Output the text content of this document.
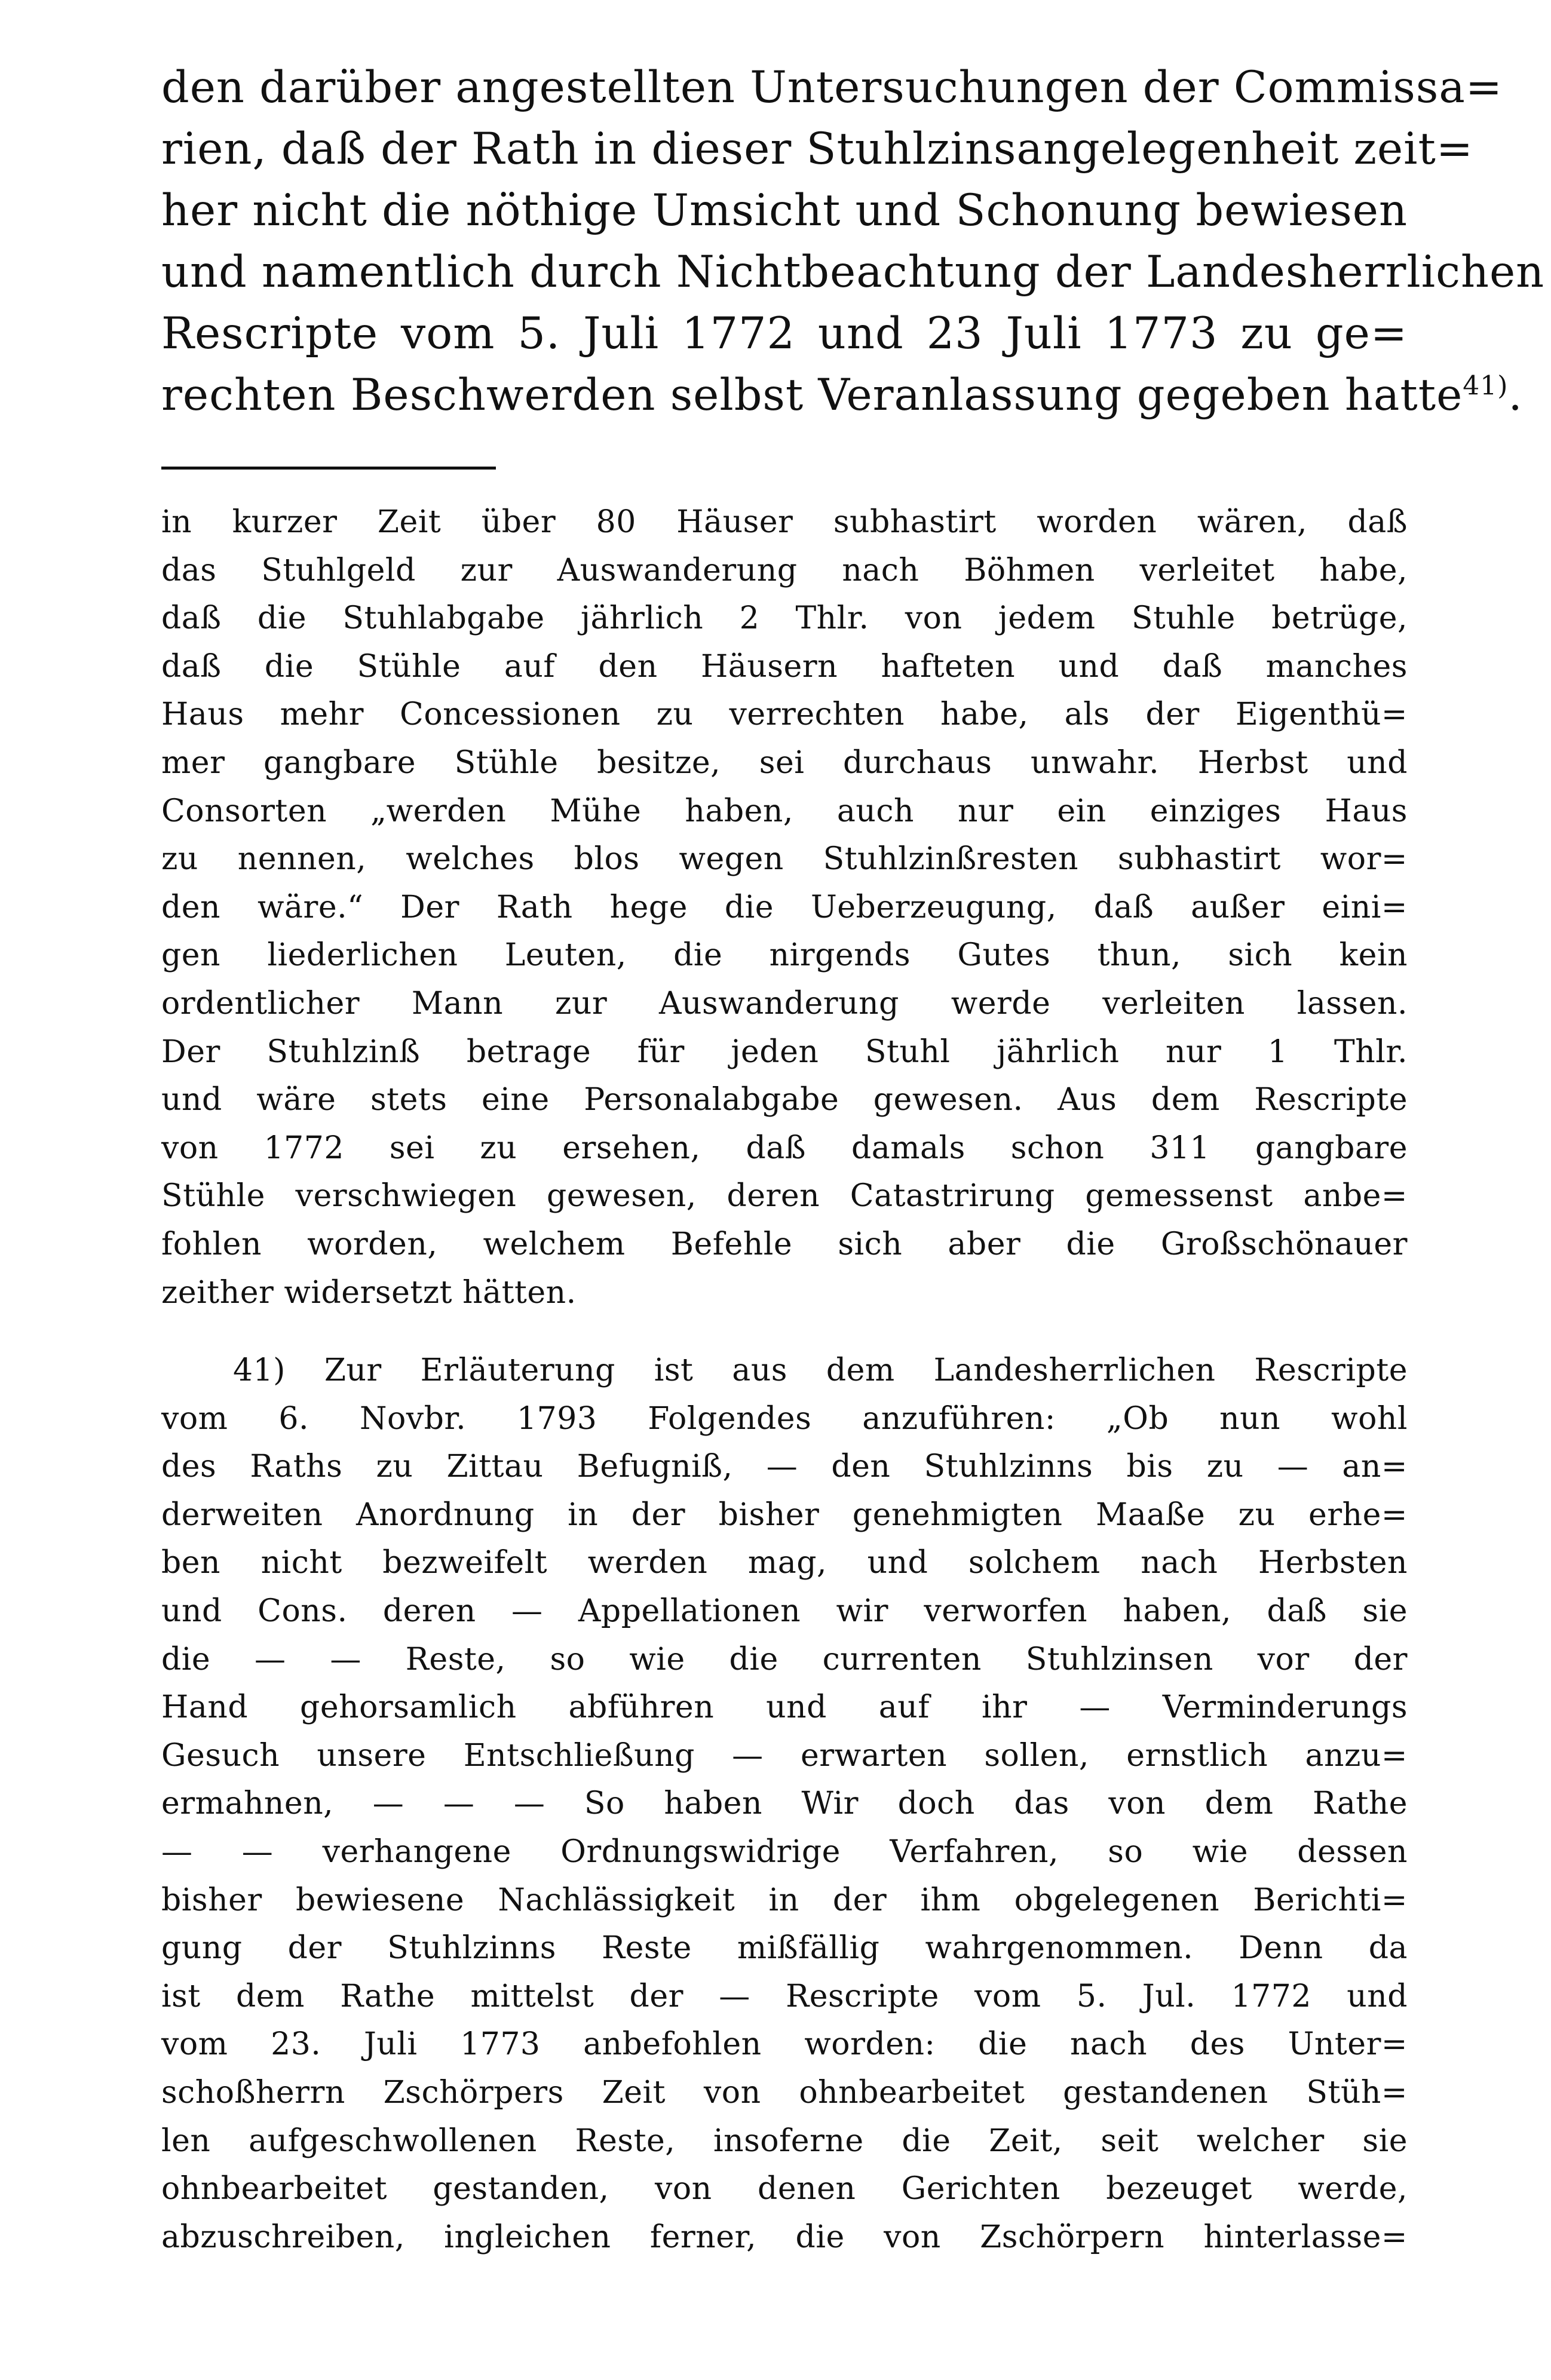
den darüber angestellten Untersuchungen der Commissa=
rien, daß der Rath in dieser Stuhlzinsangelegenheit zeit=
her nicht die nöthige Umsicht und Schonung bewiesen
und namentlich durch Nichtbeachtung der Landesherrlichen
Rescripte vom 5. Juli 1772 und 23 Juli 1773 zu ge=
rechten Beschwerden selbst Veranlassung gegeben hatte$^{41)}$.
in kurzer Zeit über 80 Häuser subhastirt worden wären, daß
das Stuhlgeld zur Auswanderung nach Böhmen verleitet habe,
daß die Stuhlabgabe jährlich 2 Thlr. von jedem Stuhle betrüge,
daß die Stühle auf den Häusern hafteten und daß manches
Haus mehr Concessionen zu verrechten habe, als der Eigenthü=
mer gangbare Stühle besitze, sei durchaus unwahr. Herbst und
Consorten „werden Mühe haben, auch nur ein einziges Haus
zu nennen, welches blos wegen Stuhlzinßresten subhastirt wor=
den wäre.“ Der Rath hege die Ueberzeugung, daß außer eini=
gen liederlichen Leuten, die nirgends Gutes thun, sich kein
ordentlicher Mann zur Auswanderung werde verleiten lassen.
Der Stuhlzinß betrage für jeden Stuhl jährlich nur 1 Thlr.
und wäre stets eine Personalabgabe gewesen. Aus dem Rescripte
von 1772 sei zu ersehen, daß damals schon 311 gangbare
Stühle verschwiegen gewesen, deren Catastrirung gemessenst anbe=
fohlen worden, welchem Befehle sich aber die Großschönauer
zeither widersetzt hätten.
41) Zur Erläuterung ist aus dem Landesherrlichen Rescripte
vom 6. Novbr. 1793 Folgendes anzuführen: „Ob nun wohl
des Raths zu Zittau Befugniß, — den Stuhlzinns bis zu — an=
derweiten Anordnung in der bisher genehmigten Maaße zu erhe=
ben nicht bezweifelt werden mag, und solchem nach Herbsten
und Cons. deren — Appellationen wir verworfen haben, daß sie
die — — Reste, so wie die currenten Stuhlzinsen vor der
Hand gehorsamlich abführen und auf ihr — Verminderungs
Gesuch unsere Entschließung — erwarten sollen, ernstlich anzu=
ermahnen, — — — So haben Wir doch das von dem Rathe
— — verhangene Ordnungswidrige Verfahren, so wie dessen
bisher bewiesene Nachlässigkeit in der ihm obgelegenen Berichti=
gung der Stuhlzinns Reste mißfällig wahrgenommen. Denn da
ist dem Rathe mittelst der — Rescripte vom 5. Jul. 1772 und
vom 23. Juli 1773 anbefohlen worden: die nach des Unter=
schoßherrn Zschörpers Zeit von ohnbearbeitet gestandenen Stüh=
len aufgeschwollenen Reste, insoferne die Zeit, seit welcher sie
ohnbearbeitet gestanden, von denen Gerichten bezeuget werde,
abzuschreiben, ingleichen ferner, die von Zschörpern hinterlasse=
